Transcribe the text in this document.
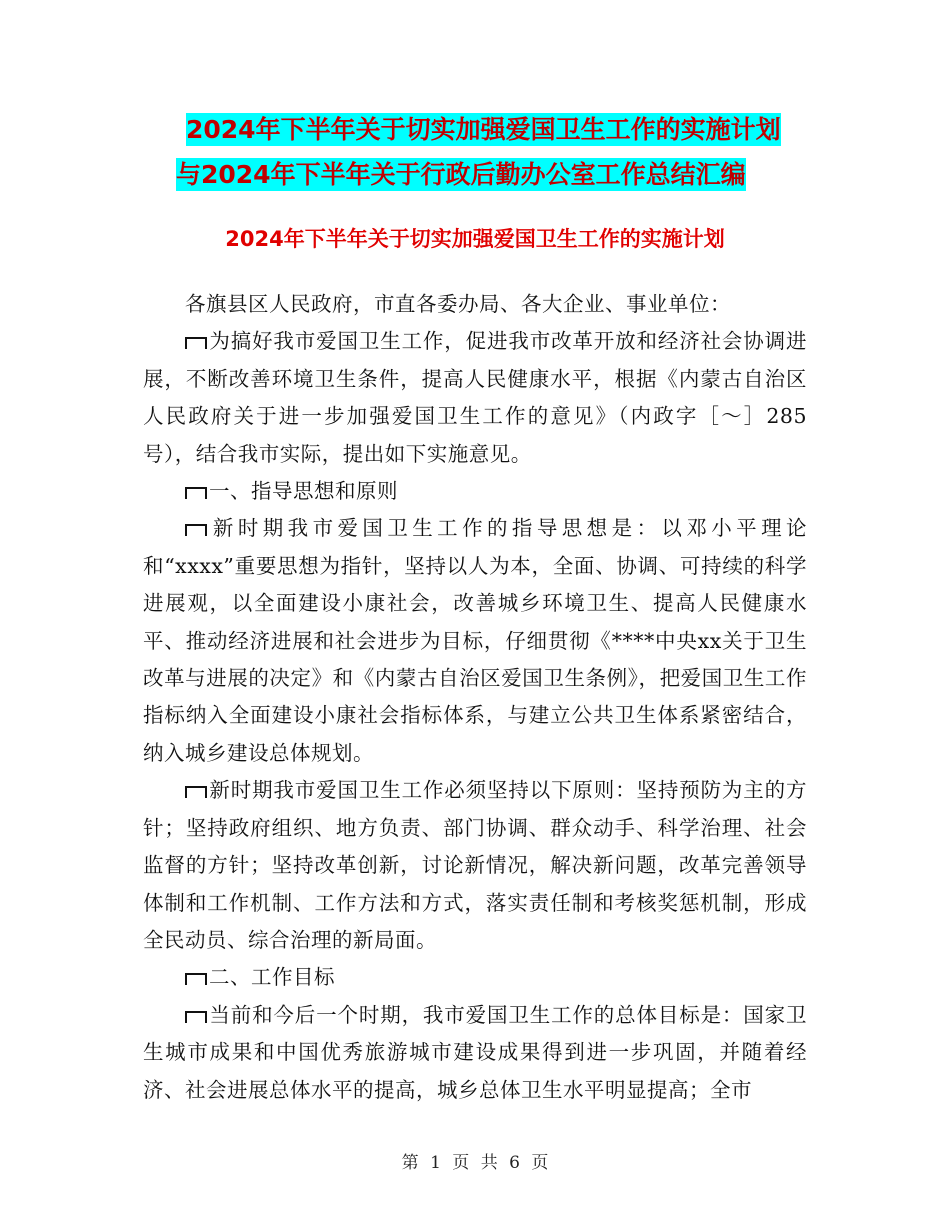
2024年下半年关于切实加强爱国卫生工作的实施计划
与2024年下半年关于行政后勤办公室工作总结汇编
2024年下半年关于切实加强爱国卫生工作的实施计划

各旗县区人民政府，市直各委办局、各大企业、事业单位：

为搞好我市爱国卫生工作，促进我市改革开放和经济社会协调进展，不断改善环境卫生条件，提高人民健康水平，根据《内蒙古自治区人民政府关于进一步加强爱国卫生工作的意见》（内政字［～］285号），结合我市实际，提出如下实施意见。

一、指导思想和原则

新时期我市爱国卫生工作的指导思想是：以邓小平理论和“xxxx”重要思想为指针，坚持以人为本，全面、协调、可持续的科学进展观，以全面建设小康社会，改善城乡环境卫生、提高人民健康水平、推动经济进展和社会进步为目标，仔细贯彻《****中央xx关于卫生改革与进展的决定》和《内蒙古自治区爱国卫生条例》，把爱国卫生工作指标纳入全面建设小康社会指标体系，与建立公共卫生体系紧密结合，纳入城乡建设总体规划。

新时期我市爱国卫生工作必须坚持以下原则：坚持预防为主的方针；坚持政府组织、地方负责、部门协调、群众动手、科学治理、社会监督的方针；坚持改革创新，讨论新情况，解决新问题，改革完善领导体制和工作机制、工作方法和方式，落实责任制和考核奖惩机制，形成全民动员、综合治理的新局面。

二、工作目标

当前和今后一个时期，我市爱国卫生工作的总体目标是：国家卫生城市成果和中国优秀旅游城市建设成果得到进一步巩固，并随着经济、社会进展总体水平的提高，城乡总体卫生水平明显提高；全市

第 1 页 共 6 页
